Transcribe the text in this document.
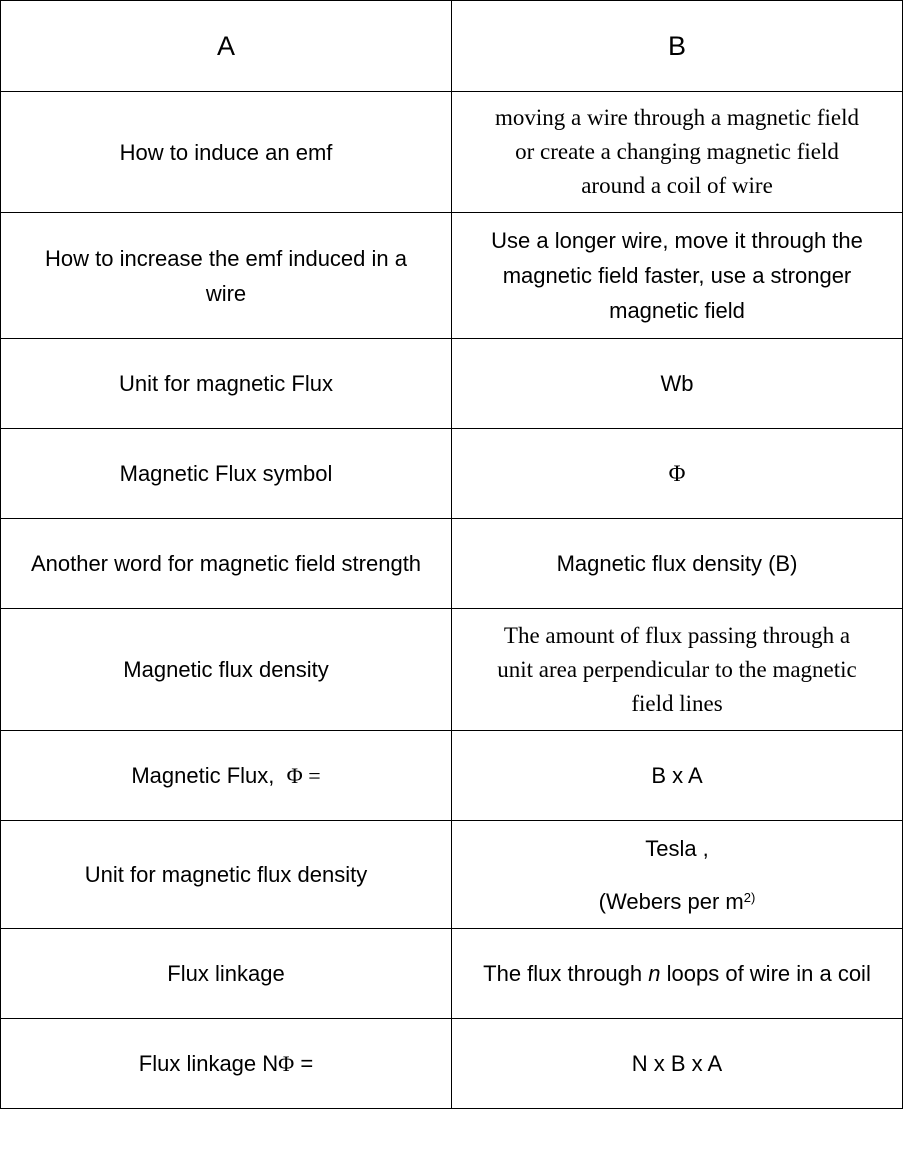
A	B

How to induce an emf	moving a wire through a magnetic field
or create a changing magnetic field
around a coil of wire

How to increase the emf induced in a
wire	Use a longer wire, move it through the
magnetic field faster, use a stronger
magnetic field

Unit for magnetic Flux	Wb
Magnetic Flux symbol	Φ
Another word for magnetic field strength	Magnetic flux density (B)
Magnetic flux density	The amount of flux passing through a
unit area perpendicular to the magnetic
field lines

Magnetic Flux, Φ =	B x A
Unit for magnetic flux density	Tesla ,
(Webers per $m^{2)}$

Flux linkage	The flux through n loops of wire in a coil
Flux linkage NΦ =	N x B x A
